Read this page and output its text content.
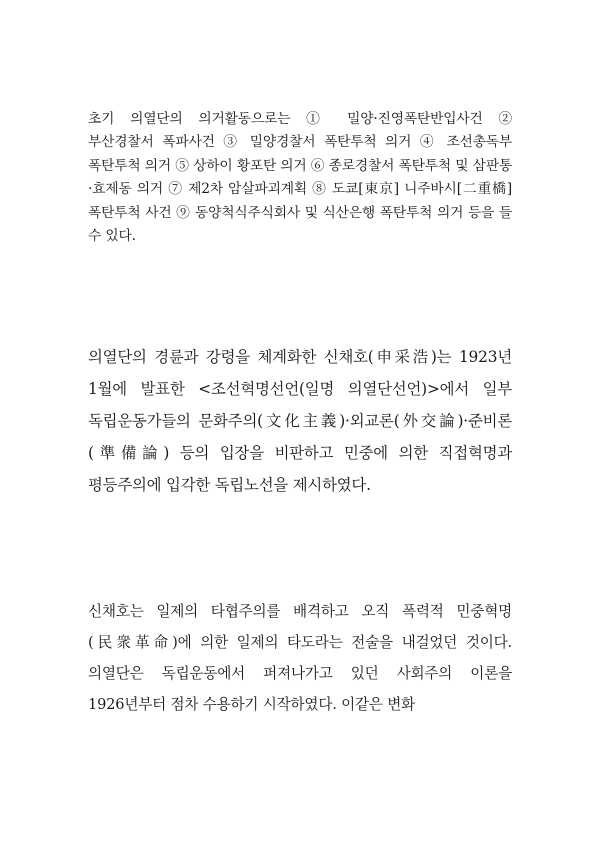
초기 의열단의 의거활동으로는 ① 밀양·진영폭탄반입사건 ② 부산경찰서 폭파사건 ③ 밀양경찰서 폭탄투척 의거 ④ 조선총독부 폭탄투척 의거 ⑤ 상하이 황포탄 의거 ⑥ 종로경찰서 폭탄투척 및 삼판통·효제동 의거 ⑦ 제2차 암살파괴계획 ⑧ 도쿄[東京] 니주바시[二重橋]폭탄투척 사건 ⑨ 동양척식주식회사 및 식산은행 폭탄투척 의거 등을 들 수 있다.

의열단의 경륜과 강령을 체계화한 신채호(申采浩)는 1923년 1월에 발표한 <조선혁명선언(일명 의열단선언)>에서 일부 독립운동가들의 문화주의(文化主義)·외교론(外交論)·준비론(準備論) 등의 입장을 비판하고 민중에 의한 직접혁명과 평등주의에 입각한 독립노선을 제시하였다.

신채호는 일제의 타협주의를 배격하고 오직 폭력적 민중혁명(民衆革命)에 의한 일제의 타도라는 전술을 내걸었던 것이다. 의열단은 독립운동에서 퍼져나가고 있던 사회주의 이론을 1926년부터 점차 수용하기 시작하였다. 이같은 변화
